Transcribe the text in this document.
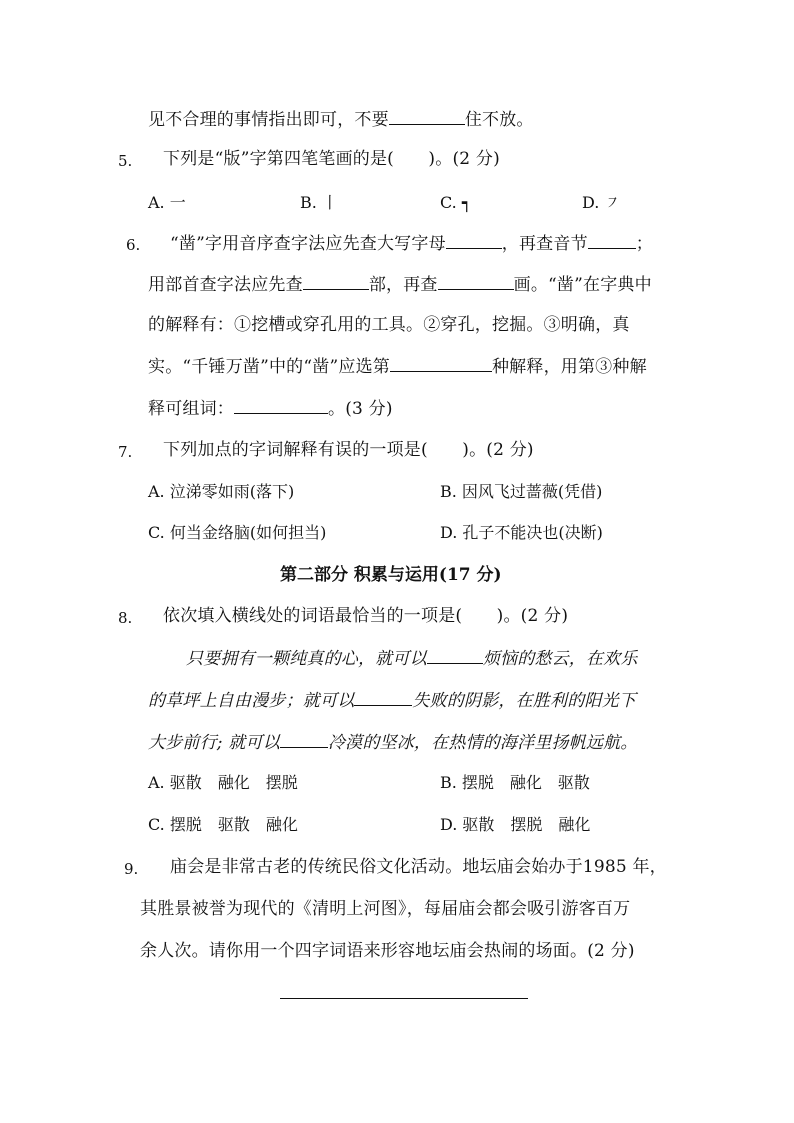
见不合理的事情指出即可，不要	住不放。
5. 下列是“版”字第四笔笔画的是(　　)。(2 分)
A. 一	B. 丨	C. ┑	D. ㇇
6. “凿”字用音序查字法应先查大写字母	，再查音节	；
用部首查字法应先查	部，再查	画。“凿”在字典中
的解释有：①挖槽或穿孔用的工具。②穿孔，挖掘。③明确，真
实。“千锤万凿”中的“凿”应选第	种解释，用第③种解
释可组词：	。(3 分)
7. 下列加点的字词解释有误的一项是(　　)。(2 分)
A. 泣涕零如雨(落下)	B. 因风飞过蔷薇(凭借)
C. 何当金络脑(如何担当)	D. 孔子不能决也(决断)
第二部分 积累与运用(17 分)
8. 依次填入横线处的词语最恰当的一项是(　　)。(2 分)
只要拥有一颗纯真的心，就可以	烦恼的愁云，在欢乐
的草坪上自由漫步；就可以	失败的阴影，在胜利的阳光下
大步前行; 就可以	冷漠的坚冰，在热情的海洋里扬帆远航。
A. 驱散　融化　摆脱	B. 摆脱　融化　驱散
C. 摆脱　驱散　融化	D. 驱散　摆脱　融化
9. 庙会是非常古老的传统民俗文化活动。地坛庙会始办于1985 年，
其胜景被誉为现代的《清明上河图》，每届庙会都会吸引游客百万
余人次。请你用一个四字词语来形容地坛庙会热闹的场面。(2 分)
